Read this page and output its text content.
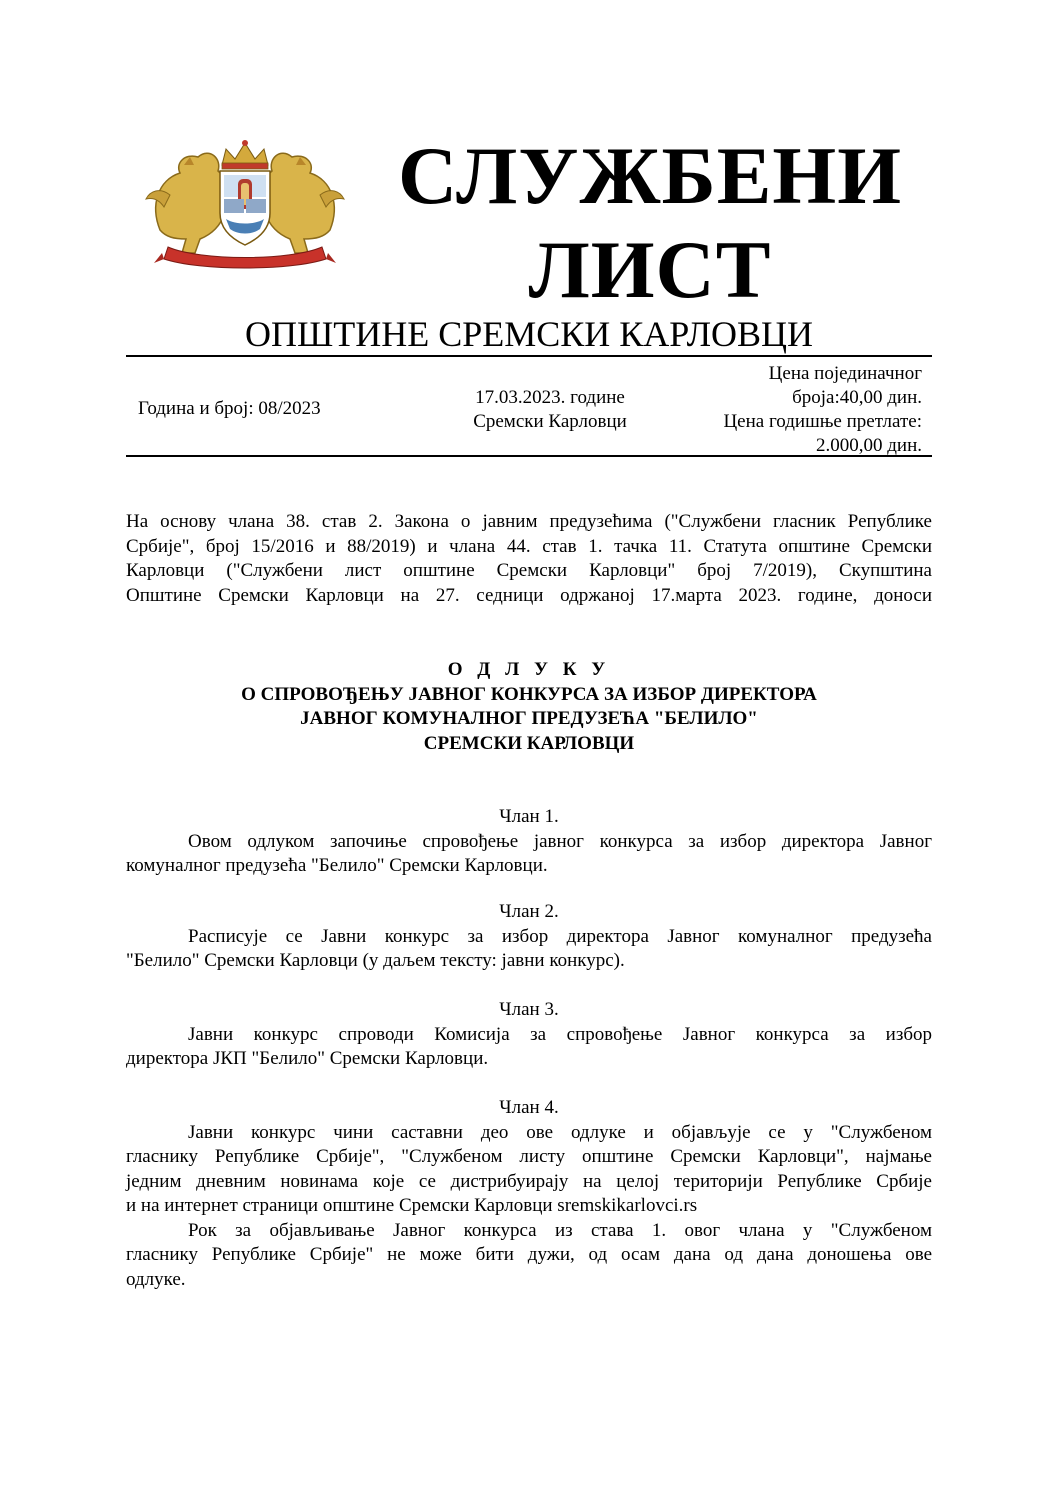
СЛУЖБЕНИ
ЛИСТ
ОПШТИНЕ СРЕМСКИ КАРЛОВЦИ
Година и број: 08/2023
17.03.2023. године
Сремски Карловци
Цена појединачног
броја:40,00 дин.
Цена годишње претлате:
2.000,00 дин.
На основу члана 38. став 2. Закона о јавним предузећима ("Службени гласник Републике
Србије", број 15/2016 и 88/2019) и члана 44. став 1. тачка 11. Статута општине Сремски
Карловци ("Службени лист општине Сремски Карловци" број 7/2019), Скупштина
Општине Сремски Карловци на 27. седници одржаној 17.марта 2023. године, доноси
О Д Л У К У
О СПРОВОЂЕЊУ ЈАВНОГ КОНКУРСА ЗА ИЗБОР ДИРЕКТОРА
ЈАВНОГ КОМУНАЛНОГ ПРЕДУЗЕЋА "БЕЛИЛО"
СРЕМСКИ КАРЛОВЦИ
Члан 1.
Овом одлуком започиње спровођење јавног конкурса за избор директора Јавног
комуналног предузећа "Белило" Сремски Карловци.
Члан 2.
Расписује се Јавни конкурс за избор директора Јавног комуналног предузећа
"Белило" Сремски Карловци (у даљем тексту: јавни конкурс).
Члан 3.
Јавни конкурс спроводи Комисија за спровођење Јавног конкурса за избор
директора ЈКП "Белило" Сремски Карловци.
Члан 4.
Јавни конкурс чини саставни део ове одлуке и објављује се у "Службеном
гласнику Републике Србије", "Службеном листу општине Сремски Карловци", најмање
једним дневним новинама које се дистрибуирају на целој територији Републике Србије
и на интернет страници општине Сремски Карловци sremskikarlovci.rs
Рок за објављивање Јавног конкурса из става 1. овог члана у "Службеном
гласнику Републике Србије" не може бити дужи, од осам дана од дана доношења ове
одлуке.
